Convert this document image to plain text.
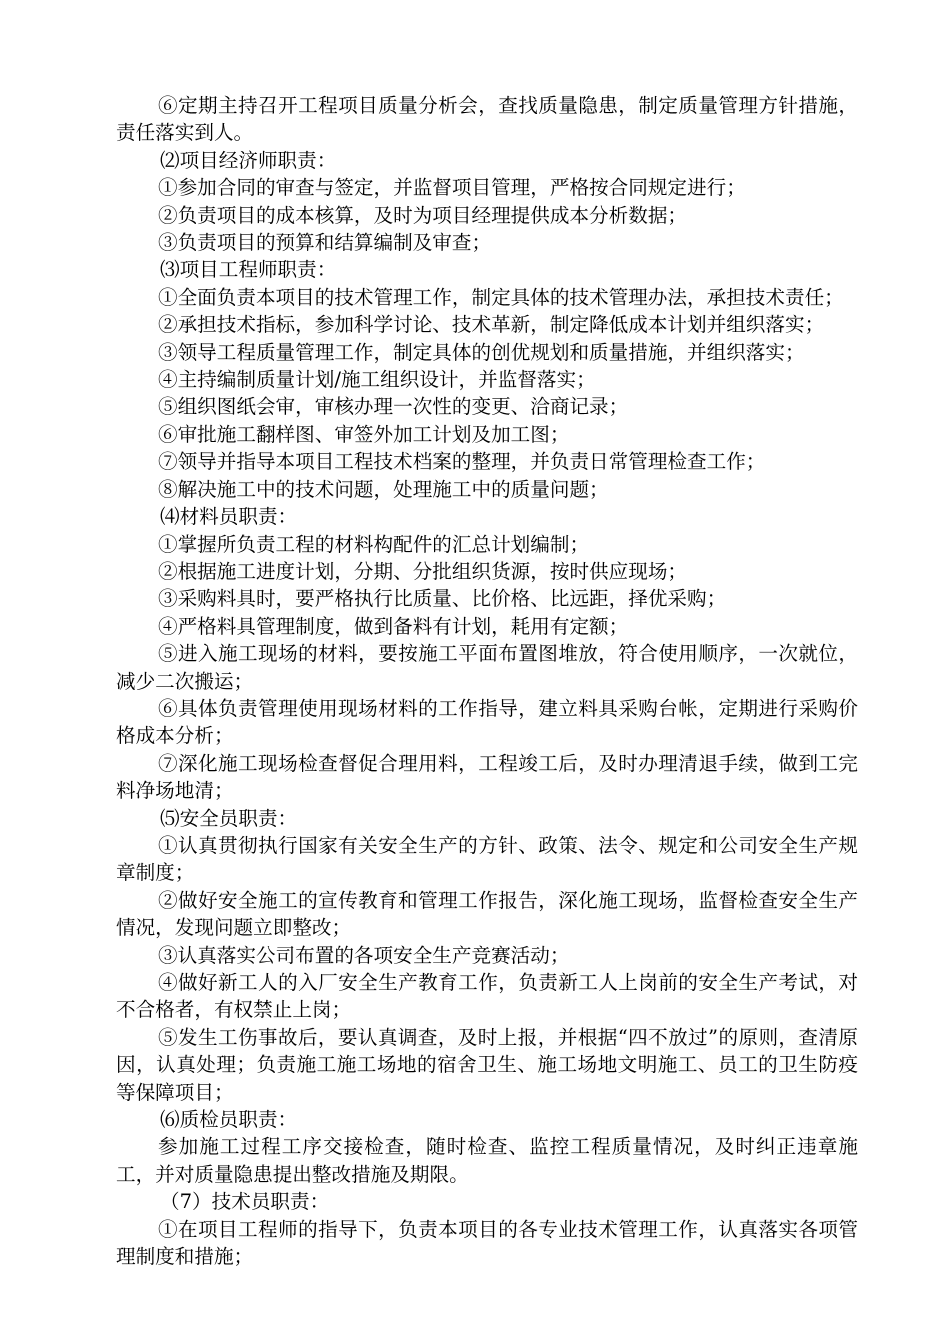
⑥定期主持召开工程项目质量分析会，查找质量隐患，制定质量管理方针措施，责任落实到人。

⑵项目经济师职责：

①参加合同的审查与签定，并监督项目管理，严格按合同规定进行；

②负责项目的成本核算，及时为项目经理提供成本分析数据；

③负责项目的预算和结算编制及审查；

⑶项目工程师职责：

①全面负责本项目的技术管理工作，制定具体的技术管理办法，承担技术责任；

②承担技术指标，参加科学讨论、技术革新，制定降低成本计划并组织落实；

③领导工程质量管理工作，制定具体的创优规划和质量措施，并组织落实；

④主持编制质量计划/施工组织设计，并监督落实；

⑤组织图纸会审，审核办理一次性的变更、洽商记录；

⑥审批施工翻样图、审签外加工计划及加工图；

⑦领导并指导本项目工程技术档案的整理，并负责日常管理检查工作；

⑧解决施工中的技术问题，处理施工中的质量问题；

⑷材料员职责：

①掌握所负责工程的材料构配件的汇总计划编制；

②根据施工进度计划，分期、分批组织货源，按时供应现场；

③采购料具时，要严格执行比质量、比价格、比远距，择优采购；

④严格料具管理制度，做到备料有计划，耗用有定额；

⑤进入施工现场的材料，要按施工平面布置图堆放，符合使用顺序，一次就位，减少二次搬运；

⑥具体负责管理使用现场材料的工作指导，建立料具采购台帐，定期进行采购价格成本分析；

⑦深化施工现场检查督促合理用料，工程竣工后，及时办理清退手续，做到工完料净场地清；

⑸安全员职责：

①认真贯彻执行国家有关安全生产的方针、政策、法令、规定和公司安全生产规章制度；

②做好安全施工的宣传教育和管理工作报告，深化施工现场，监督检查安全生产情况，发现问题立即整改；

③认真落实公司布置的各项安全生产竞赛活动；

④做好新工人的入厂安全生产教育工作，负责新工人上岗前的安全生产考试，对不合格者，有权禁止上岗；

⑤发生工伤事故后，要认真调查，及时上报，并根据“四不放过”的原则，查清原因，认真处理；负责施工施工场地的宿舍卫生、施工场地文明施工、员工的卫生防疫等保障项目；

⑹质检员职责：

参加施工过程工序交接检查，随时检查、监控工程质量情况，及时纠正违章施工，并对质量隐患提出整改措施及期限。

（7）技术员职责：

①在项目工程师的指导下，负责本项目的各专业技术管理工作，认真落实各项管理制度和措施；
